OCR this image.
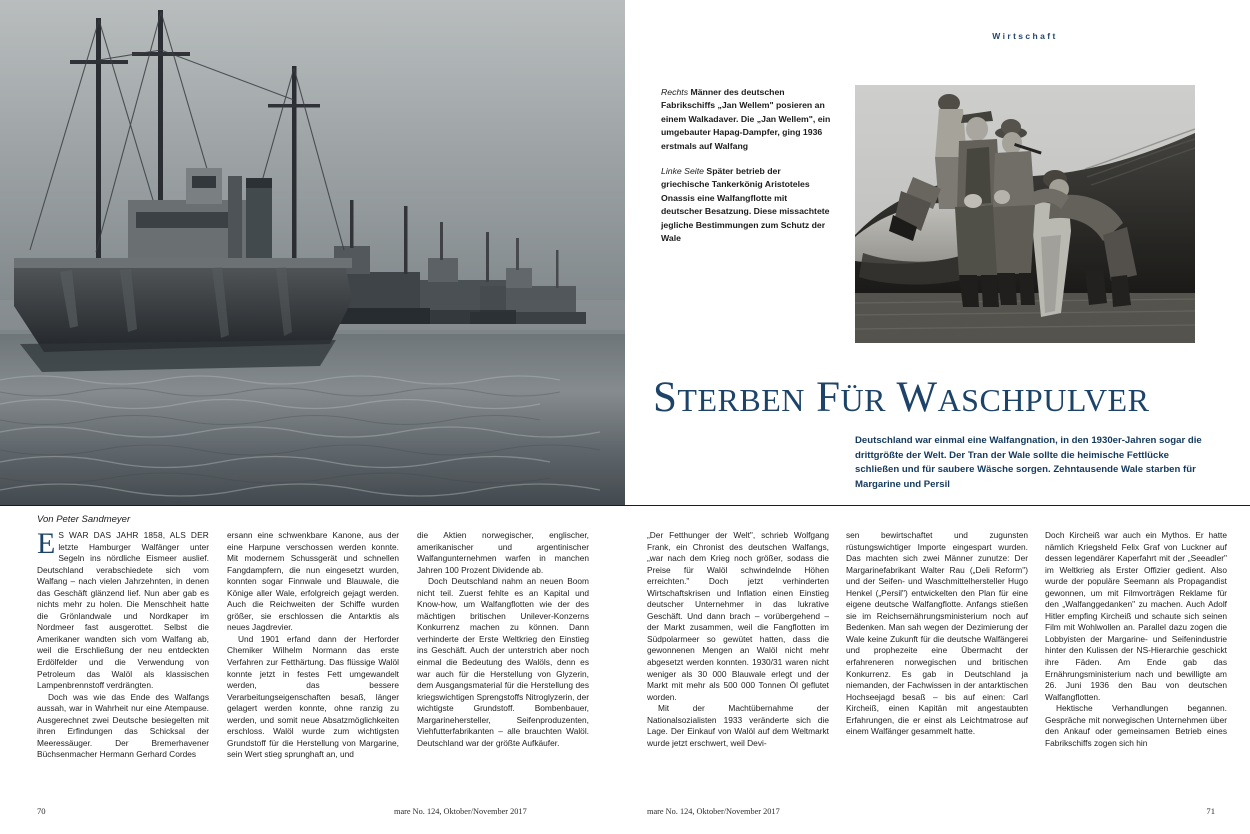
Von Peter Sandmeyer

E S WAR DAS JAHR 1858, ALS DER letzte Hamburger Walfänger unter Segeln ins nördliche Eismeer auslief. Deutschland verabschiedete sich vom Walfang – nach vielen Jahrzehnten, in denen das Geschäft glänzend lief. Nun aber gab es nichts mehr zu holen. Die Menschheit hatte die Grönlandwale und Nordkaper im Nordmeer fast ausgerottet. Selbst die Amerikaner wandten sich vom Walfang ab, weil die Erschließung der neu entdeckten Erdölfelder und die Verwendung von Petroleum das Walöl als klassischen Lampenbrennstoff verdrängten.

Doch was wie das Ende des Walfangs aussah, war in Wahrheit nur eine Atempause. Ausgerechnet zwei Deutsche besiegelten mit ihren Erfindungen das Schicksal der Meeressäuger. Der Bremerhavener Büchsenmacher Hermann Gerhard Cordes

ersann eine schwenkbare Kanone, aus der eine Harpune verschossen werden konnte. Mit modernem Schussgerät und schnellen Fangdampfern, die nun eingesetzt wurden, konnten sogar Finnwale und Blauwale, die Könige aller Wale, erfolgreich gejagt werden. Auch die Reichweiten der Schiffe wurden größer, sie erschlossen die Antarktis als neues Jagdrevier.

Und 1901 erfand dann der Herforder Chemiker Wilhelm Normann das erste Verfahren zur Fetthärtung. Das flüssige Walöl konnte jetzt in festes Fett umgewandelt werden, das bessere Verarbeitungseigenschaften besaß, länger gelagert werden konnte, ohne ranzig zu werden, und somit neue Absatzmöglichkeiten erschloss. Walöl wurde zum wichtigsten Grundstoff für die Herstellung von Margarine, sein Wert stieg sprunghaft an, und

die Aktien norwegischer, englischer, amerikanischer und argentinischer Walfangunternehmen warfen in manchen Jahren 100 Prozent Dividende ab.

Doch Deutschland nahm an neuen Boom nicht teil. Zuerst fehlte es an Kapital und Know-how, um Walfangflotten wie der des mächtigen britischen Unilever-Konzerns Konkurrenz machen zu können. Dann verhinderte der Erste Weltkrieg den Einstieg ins Geschäft. Auch der unterstrich aber noch einmal die Bedeutung des Walöls, denn es war auch für die Herstellung von Glyzerin, dem Ausgangsmaterial für die Herstellung des kriegswichtigen Sprengstoffs Nitroglyzerin, der wichtigste Grundstoff. Bombenbauer, Margarinehersteller, Seifenproduzenten, Viehfutterfabrikanten – alle brauchten Walöl. Deutschland war der größte Aufkäufer.

70	mare No. 124, Oktober/November 2017
Wirtschaft
Rechts Männer des deutschen Fabrikschiffs „Jan Wellem" posieren an einem Walkadaver. Die „Jan Wellem", ein umgebauter Hapag-Dampfer, ging 1936 erstmals auf Walfang
Linke Seite Später betrieb der griechische Tankerkönig Aristoteles Onassis eine Walfangflotte mit deutscher Besatzung. Diese missachtete jegliche Bestimmungen zum Schutz der Wale
STERBEN FÜR WASCHPULVER
Deutschland war einmal eine Walfangnation, in den 1930er-Jahren sogar die drittgrößte der Welt. Der Tran der Wale sollte die heimische Fettlücke schließen und für saubere Wäsche sorgen. Zehntausende Wale starben für Margarine und Persil

„Der Fetthunger der Welt", schrieb Wolfgang Frank, ein Chronist des deutschen Walfangs, „war nach dem Krieg noch größer, sodass die Preise für Walöl schwindelnde Höhen erreichten." Doch jetzt verhinderten Wirtschaftskrisen und Inflation einen Einstieg deutscher Unternehmer in das lukrative Geschäft. Und dann brach – vorübergehend – der Markt zusammen, weil die Fangflotten im Südpolarmeer so gewütet hatten, dass die gewonnenen Mengen an Walöl nicht mehr abgesetzt werden konnten. 1930/31 waren nicht weniger als 30 000 Blauwale erlegt und der Markt mit mehr als 500 000 Tonnen Öl geflutet worden.

Mit der Machtübernahme der Nationalsozialisten 1933 veränderte sich die Lage. Der Einkauf von Walöl auf dem Weltmarkt wurde jetzt erschwert, weil Devi-

sen bewirtschaftet und zugunsten rüstungswichtiger Importe eingespart wurden. Das machten sich zwei Männer zunutze: Der Margarinefabrikant Walter Rau („Deli Reform") und der Seifen- und Waschmittelhersteller Hugo Henkel („Persil") entwickelten den Plan für eine eigene deutsche Walfangflotte. Anfangs stießen sie im Reichsernährungsministerium noch auf Bedenken. Man sah wegen der Dezimierung der Wale keine Zukunft für die deutsche Walfängerei und prophezeite eine Übermacht der erfahreneren norwegischen und britischen Konkurrenz. Es gab in Deutschland ja niemanden, der Fachwissen in der antarktischen Hochseejagd besaß – bis auf einen: Carl Kircheiß, einen Kapitän mit angestaubten Erfahrungen, die er einst als Leichtmatrose auf einem Walfänger gesammelt hatte.

Doch Kircheiß war auch ein Mythos. Er hatte nämlich Kriegsheld Felix Graf von Luckner auf dessen legendärer Kaperfahrt mit der „Seeadler" im Weltkrieg als Erster Offizier gedient. Also wurde der populäre Seemann als Propagandist gewonnen, um mit Filmvorträgen Reklame für den „Walfanggedanken" zu machen. Auch Adolf Hitler empfing Kircheiß und schaute sich seinen Film mit Wohlwollen an. Parallel dazu zogen die Lobbyisten der Margarine- und Seifenindustrie hinter den Kulissen der NS-Hierarchie geschickt ihre Fäden. Am Ende gab das Ernährungsministerium nach und bewilligte am 26. Juni 1936 den Bau von deutschen Walfangflotten.

Hektische Verhandlungen begannen. Gespräche mit norwegischen Unternehmen über den Ankauf oder gemeinsamen Betrieb eines Fabrikschiffs zogen sich hin

mare No. 124, Oktober/November 2017	71
